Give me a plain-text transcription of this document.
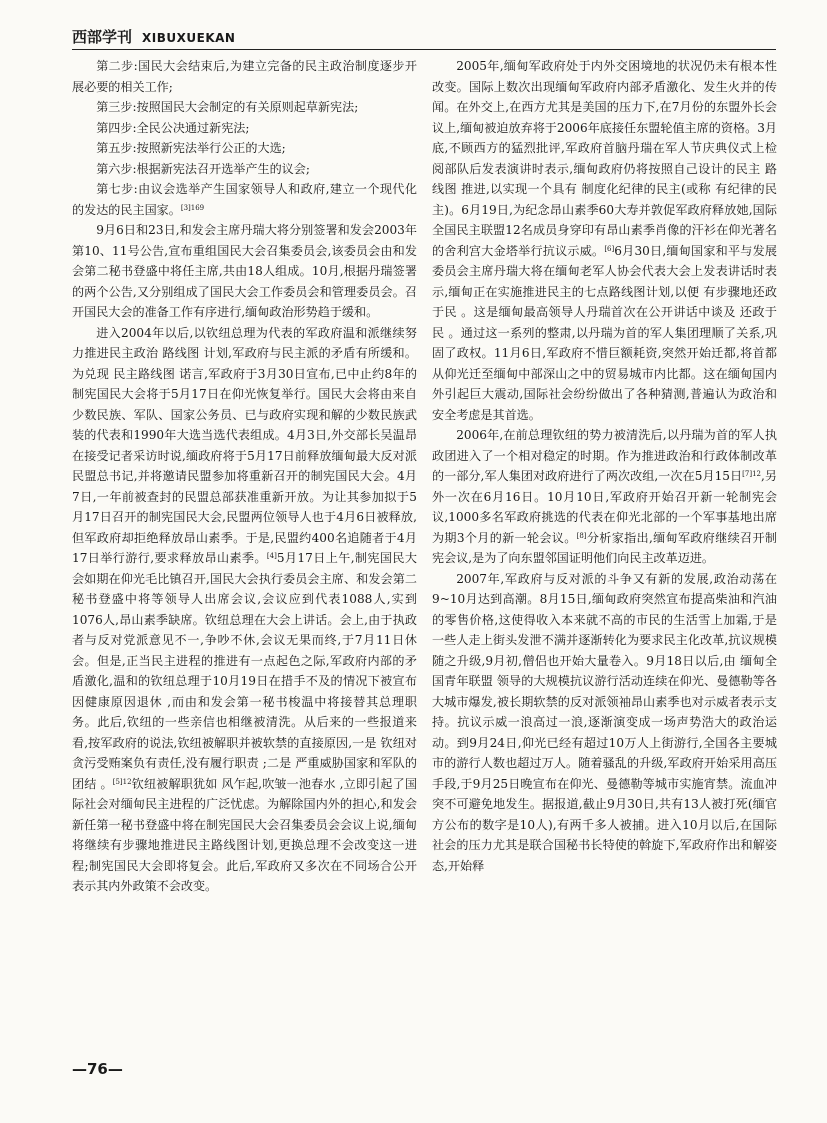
西部学刊 XIBUXUEKAN

第二步:国民大会结束后,为建立完备的民主政治制度逐步开展必要的相关工作;

第三步:按照国民大会制定的有关原则起草新宪法;

第四步:全民公决通过新宪法;

第五步:按照新宪法举行公正的大选;

第六步:根据新宪法召开选举产生的议会;

第七步:由议会选举产生国家领导人和政府,建立一个现代化的发达的民主国家。$^{[3]169}$

9月6日和23日,和发会主席丹瑞大将分别签署和发会2003年第10、11号公告,宣布重组国民大会召集委员会,该委员会由和发会第二秘书登盛中将任主席,共由18人组成。10月,根据丹瑞签署的两个公告,又分别组成了国民大会工作委员会和管理委员会。召开国民大会的准备工作有序进行,缅甸政治形势趋于缓和。

进入2004年以后,以钦纽总理为代表的军政府温和派继续努力推进民主政治 路线图 计划,军政府与民主派的矛盾有所缓和。为兑现 民主路线图 诺言,军政府于3月30日宣布,已中止约8年的制宪国民大会将于5月17日在仰光恢复举行。国民大会将由来自少数民族、军队、国家公务员、已与政府实现和解的少数民族武装的代表和1990年大选当选代表组成。4月3日,外交部长吴温昂在接受记者采访时说,缅政府将于5月17日前释放缅甸最大反对派民盟总书记,并将邀请民盟参加将重新召开的制宪国民大会。4月7日,一年前被查封的民盟总部获准重新开放。为让其参加拟于5月17日召开的制宪国民大会,民盟两位领导人也于4月6日被释放,但军政府却拒绝释放昂山素季。于是,民盟约400名追随者于4月17日举行游行,要求释放昂山素季。[4]5月17日上午,制宪国民大会如期在仰光毛比镇召开,国民大会执行委员会主席、和发会第二秘书登盛中将等领导人出席会议,会议应到代表1088人,实到1076人,昂山素季缺席。钦纽总理在大会上讲话。会上,由于执政者与反对党派意见不一,争吵不休,会议无果而终,于7月11日休会。但是,正当民主进程的推进有一点起色之际,军政府内部的矛盾激化,温和的钦纽总理于10月19日在措手不及的情况下被宣布 因健康原因退休 ,而由和发会第一秘书梭温中将接替其总理职务。此后,钦纽的一些亲信也相继被清洗。从后来的一些报道来看,按军政府的说法,钦纽被解职并被软禁的直接原因,一是 钦纽对贪污受贿案负有责任,没有履行职责 ;二是 严重威胁国家和军队的团结 。$^{[5]12}$钦纽被解职犹如 风乍起,吹皱一池春水 ,立即引起了国际社会对缅甸民主进程的广泛忧虑。为解除国内外的担心,和发会新任第一秘书登盛中将在制宪国民大会召集委员会会议上说,缅甸将继续有步骤地推进民主路线图计划,更换总理不会改变这一进程;制宪国民大会即将复会。此后,军政府又多次在不同场合公开表示其内外政策不会改变。

2005年,缅甸军政府处于内外交困境地的状况仍未有根本性改变。国际上数次出现缅甸军政府内部矛盾激化、发生火并的传闻。在外交上,在西方尤其是美国的压力下,在7月份的东盟外长会议上,缅甸被迫放弃将于2006年底接任东盟轮值主席的资格。3月底,不顾西方的猛烈批评,军政府首脑丹瑞在军人节庆典仪式上检阅部队后发表演讲时表示,缅甸政府仍将按照自己设计的民主 路线图 推进,以实现一个具有 制度化纪律的民主(或称 有纪律的民主)。6月19日,为纪念昂山素季60大寿并敦促军政府释放她,国际全国民主联盟12名成员身穿印有昂山素季肖像的汗衫在仰光著名的舍利宫大金塔举行抗议示威。[6]6月30日,缅甸国家和平与发展委员会主席丹瑞大将在缅甸老军人协会代表大会上发表讲话时表示,缅甸正在实施推进民主的七点路线图计划,以便 有步骤地还政于民 。这是缅甸最高领导人丹瑞首次在公开讲话中谈及 还政于民 。通过这一系列的整肃,以丹瑞为首的军人集团理顺了关系,巩固了政权。11月6日,军政府不惜巨额耗资,突然开始迁都,将首都从仰光迁至缅甸中部深山之中的贸易城市内比都。这在缅甸国内外引起巨大震动,国际社会纷纷做出了各种猜测,普遍认为政治和安全考虑是其首选。

2006年,在前总理钦纽的势力被清洗后,以丹瑞为首的军人执政团进入了一个相对稳定的时期。作为推进政治和行政体制改革的一部分,军人集团对政府进行了两次改组,一次在5月15日$^{[7]12}$,另外一次在6月16日。10月10日,军政府开始召开新一轮制宪会议,1000多名军政府挑选的代表在仰光北部的一个军事基地出席为期3个月的新一轮会议。[8]分析家指出,缅甸军政府继续召开制宪会议,是为了向东盟邻国证明他们向民主改革迈进。

2007年,军政府与反对派的斗争又有新的发展,政治动荡在9~10月达到高潮。8月15日,缅甸政府突然宣布提高柴油和汽油的零售价格,这使得收入本来就不高的市民的生活雪上加霜,于是一些人走上街头发泄不满并逐渐转化为要求民主化改革,抗议规模随之升级,9月初,僧侣也开始大量卷入。9月18日以后,由 缅甸全国青年联盟 领导的大规模抗议游行活动连续在仰光、曼德勒等各大城市爆发,被长期软禁的反对派领袖昂山素季也对示威者表示支持。抗议示威一浪高过一浪,逐渐演变成一场声势浩大的政治运动。到9月24日,仰光已经有超过10万人上街游行,全国各主要城市的游行人数也超过万人。随着骚乱的升级,军政府开始采用高压手段,于9月25日晚宣布在仰光、曼德勒等城市实施宵禁。流血冲突不可避免地发生。据报道,截止9月30日,共有13人被打死(缅官方公布的数字是10人),有两千多人被捕。进入10月以后,在国际社会的压力尤其是联合国秘书长特使的斡旋下,军政府作出和解姿态,开始释

—76—
